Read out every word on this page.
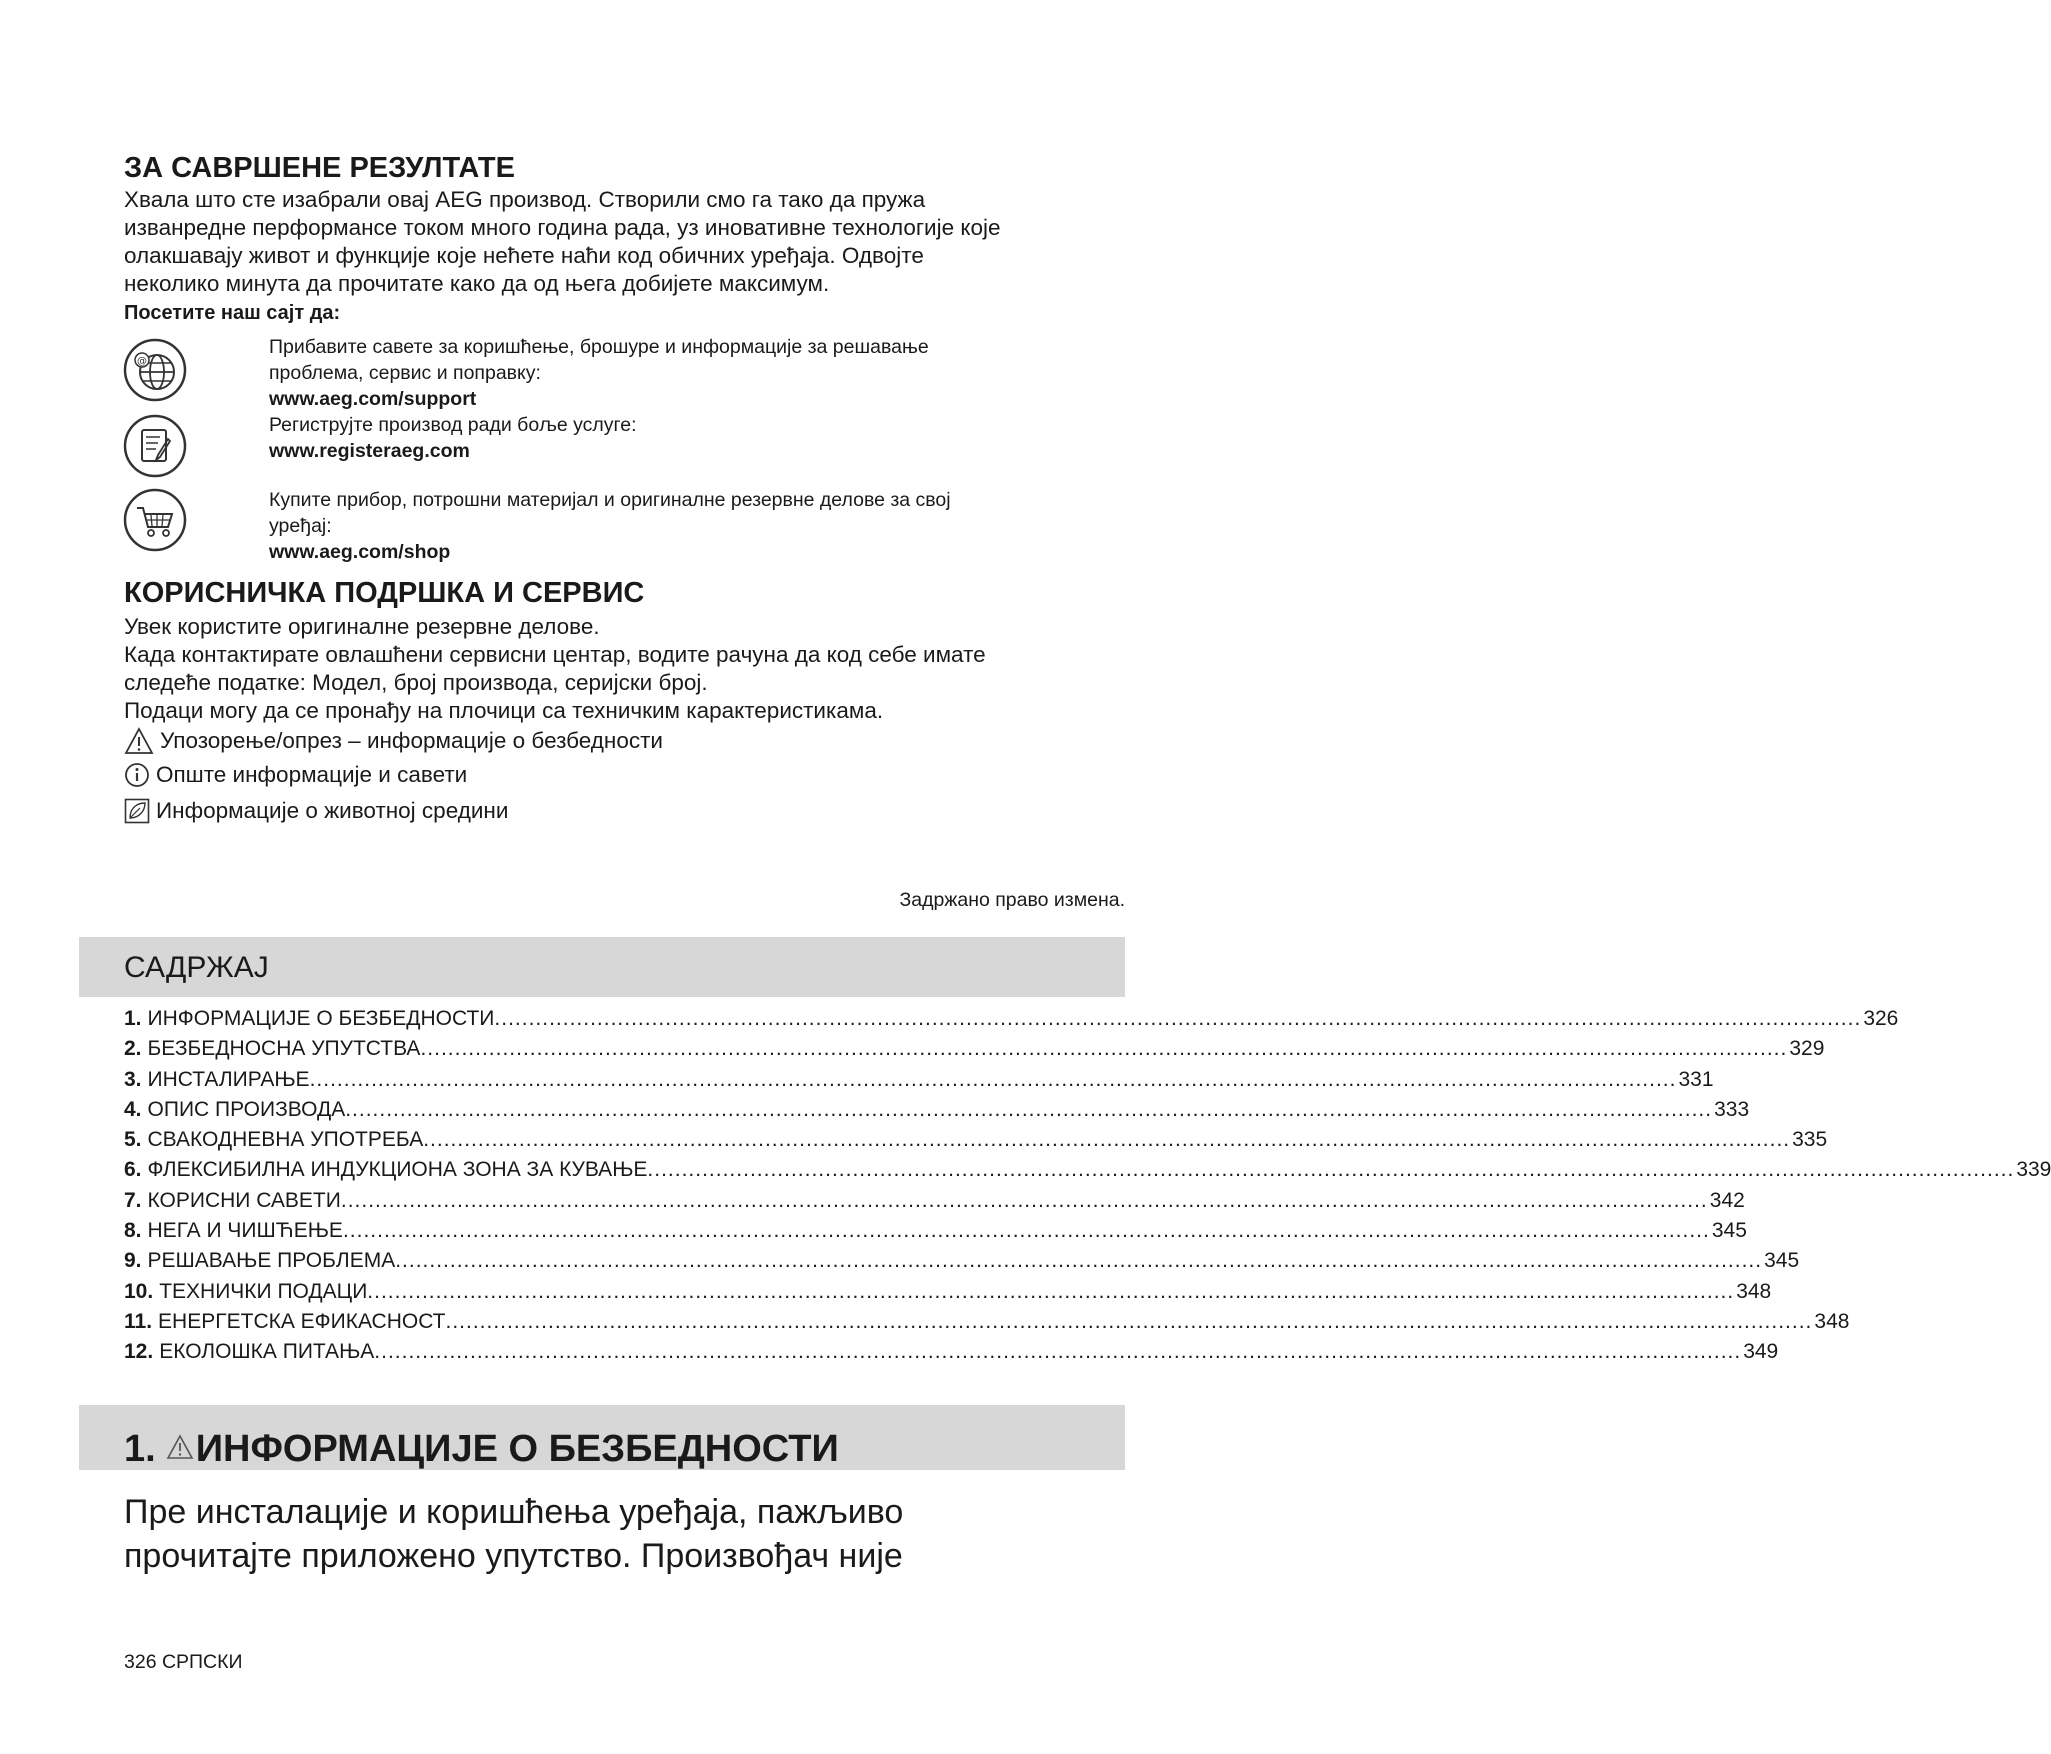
ЗА САВРШЕНЕ РЕЗУЛТАТЕ

Хвала што сте изабрали овај AEG производ. Створили смо га тако да пружа

изванредне перформансе током много година рада, уз иновативне технологије које

олакшавају живот и функције које нећете наћи код обичних уређаја. Одвојте

неколико минута да прочитате како да од њега добијете максимум.

Посетите наш сајт да:
@

Прибавите савете за коришћење, брошуре и информације за решавање

проблема, сервис и поправку:

www.aeg.com/support

Региструјте производ ради боље услуге:

www.registeraeg.com

Купите прибор, потрошни материјал и оригиналне резервне делове за свој

уређај:

www.aeg.com/shop

КОРИСНИЧКА ПОДРШКА И СЕРВИС

Увек користите оригиналне резервне делове.

Када контактирате овлашћени сервисни центар, водите рачуна да код себе имате

следеће податке: Модел, број производа, серијски број.

Подаци могу да се пронађу на плочици са техничким карактеристикама.

Упозорење/опрез – информације о безбедности
Опште информације и савети
Информације о животној средини
Задржано право измена.
САДРЖАЈ
1. ИНФОРМАЦИЈЕ О БЕЗБЕДНОСТИ ........................................................................................................................................................................................................ 326
2. БЕЗБЕДНОСНА УПУТСТВА ........................................................................................................................................................................................................ 329
3. ИНСТАЛИРАЊЕ ........................................................................................................................................................................................................ 331
4. ОПИС ПРОИЗВОДА ........................................................................................................................................................................................................ 333
5. СВАКОДНЕВНА УПОТРЕБА ........................................................................................................................................................................................................ 335
6. ФЛЕКСИБИЛНА ИНДУКЦИОНА ЗОНА ЗА КУВАЊЕ ........................................................................................................................................................................................................ 339
7. КОРИСНИ САВЕТИ ........................................................................................................................................................................................................ 342
8. НЕГА И ЧИШЋЕЊЕ ........................................................................................................................................................................................................ 345
9. РЕШАВАЊЕ ПРОБЛЕМА ........................................................................................................................................................................................................ 345
10. ТЕХНИЧКИ ПОДАЦИ ........................................................................................................................................................................................................ 348
11. ЕНЕРГЕТСКА ЕФИКАСНОСТ ........................................................................................................................................................................................................ 348
12. ЕКОЛОШКА ПИТАЊА ........................................................................................................................................................................................................ 349
1. ИНФОРМАЦИЈЕ О БЕЗБЕДНОСТИ
Пре инсталације и коришћења уређаја, пажљиво
прочитајте приложено упутство. Произвођач није
326 СРПСКИ
